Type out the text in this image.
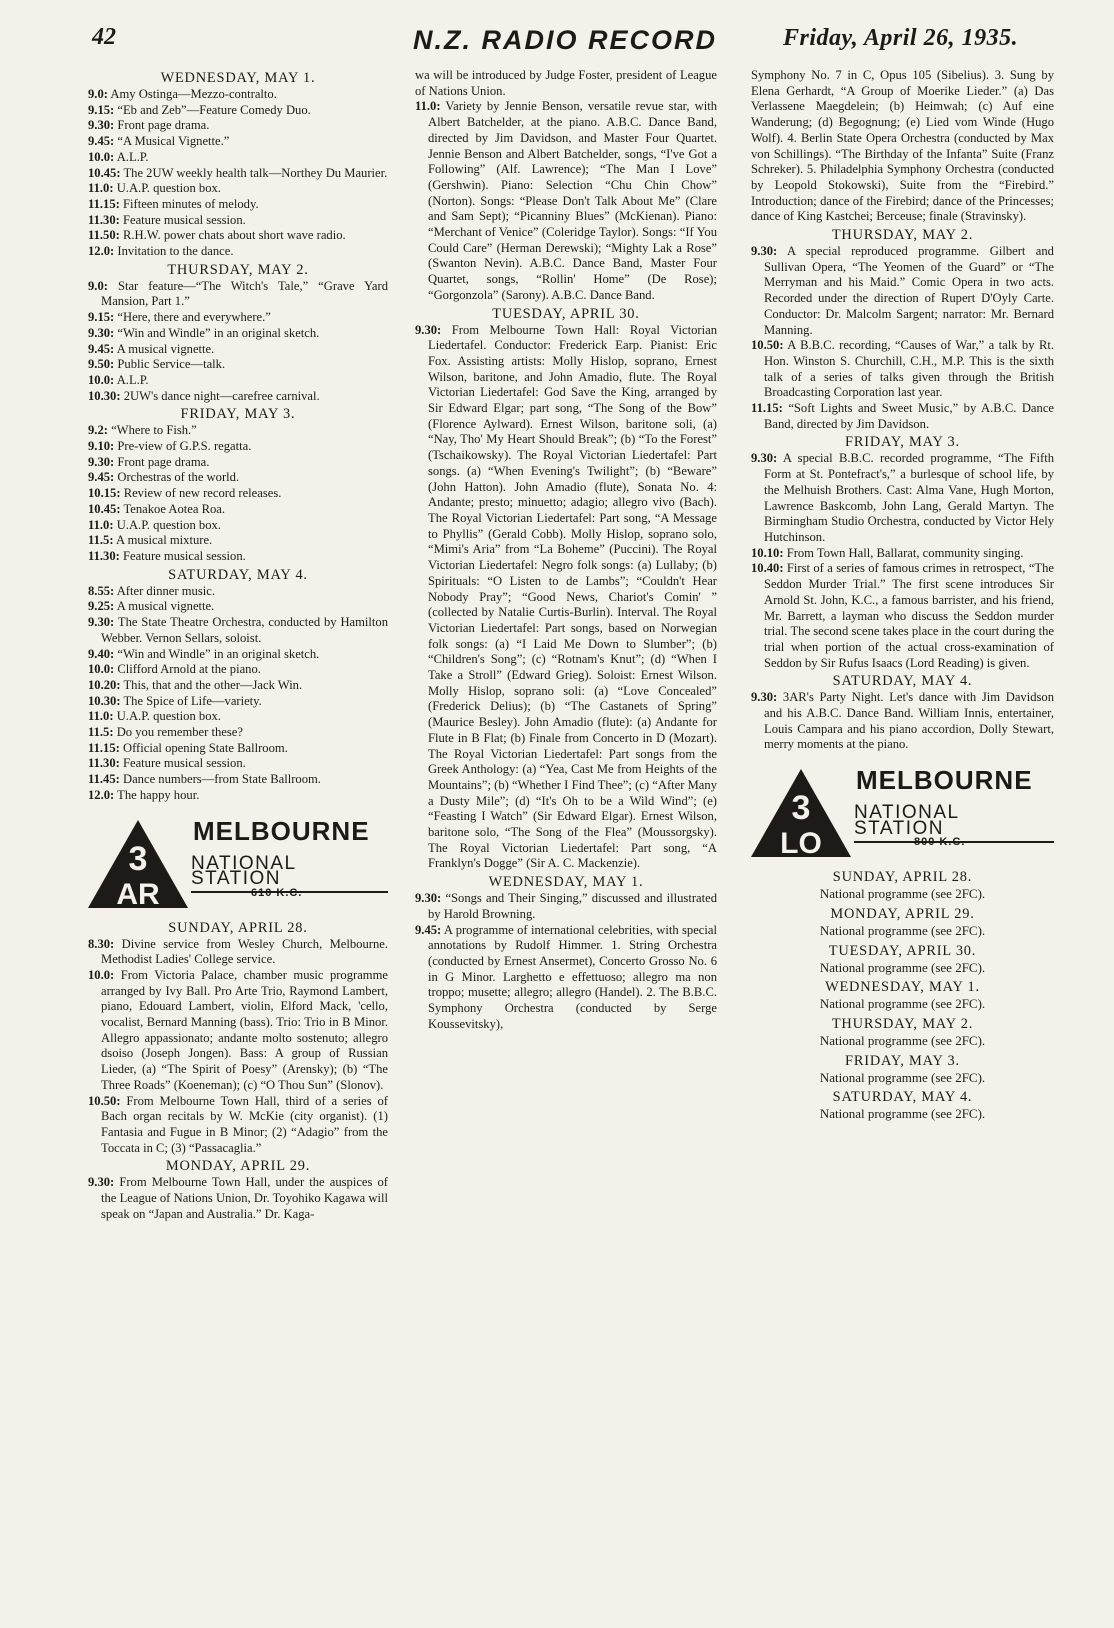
42	N.Z. RADIO RECORD	Friday, April 26, 1935.
WEDNESDAY, MAY 1.

9.0: Amy Ostinga—Mezzo-contralto.

9.15: “Eb and Zeb”—Feature Comedy Duo.

9.30: Front page drama.

9.45: “A Musical Vignette.”

10.0: A.L.P.

10.45: The 2UW weekly health talk—Northey Du Maurier.

11.0: U.A.P. question box.

11.15: Fifteen minutes of melody.

11.30: Feature musical session.

11.50: R.H.W. power chats about short wave radio.

12.0: Invitation to the dance.

THURSDAY, MAY 2.

9.0: Star feature—“The Witch's Tale,” “Grave Yard Mansion, Part 1.”

9.15: “Here, there and everywhere.”

9.30: “Win and Windle” in an original sketch.

9.45: A musical vignette.

9.50: Public Service—talk.

10.0: A.L.P.

10.30: 2UW's dance night—carefree carnival.

FRIDAY, MAY 3.

9.2: “Where to Fish.”

9.10: Pre-view of G.P.S. regatta.

9.30: Front page drama.

9.45: Orchestras of the world.

10.15: Review of new record releases.

10.45: Tenakoe Aotea Roa.

11.0: U.A.P. question box.

11.5: A musical mixture.

11.30: Feature musical session.

SATURDAY, MAY 4.

8.55: After dinner music.

9.25: A musical vignette.

9.30: The State Theatre Orchestra, conducted by Hamilton Webber. Vernon Sellars, soloist.

9.40: “Win and Windle” in an original sketch.

10.0: Clifford Arnold at the piano.

10.20: This, that and the other—Jack Win.

10.30: The Spice of Life—variety.

11.0: U.A.P. question box.

11.5: Do you remember these?

11.15: Official opening State Ballroom.

11.30: Feature musical session.

11.45: Dance numbers—from State Ballroom.

12.0: The happy hour.

3
AR
MELBOURNE
NATIONAL STATION
610 K.C.
SUNDAY, APRIL 28.

8.30: Divine service from Wesley Church, Melbourne. Methodist Ladies' College service.

10.0: From Victoria Palace, chamber music programme arranged by Ivy Ball. Pro Arte Trio, Raymond Lambert, piano, Edouard Lambert, violin, Elford Mack, 'cello, vocalist, Bernard Manning (bass). Trio: Trio in B Minor. Allegro appassionato; andante molto sostenuto; allegro dsoiso (Joseph Jongen). Bass: A group of Russian Lieder, (a) “The Spirit of Poesy” (Arensky); (b) “The Three Roads” (Koeneman); (c) “O Thou Sun” (Slonov).

10.50: From Melbourne Town Hall, third of a series of Bach organ recitals by W. McKie (city organist). (1) Fantasia and Fugue in B Minor; (2) “Adagio” from the Toccata in C; (3) “Passacaglia.”

MONDAY, APRIL 29.

9.30: From Melbourne Town Hall, under the auspices of the League of Nations Union, Dr. Toyohiko Kagawa will speak on “Japan and Australia.” Dr. Kaga-

wa will be introduced by Judge Foster, president of League of Nations Union.

11.0: Variety by Jennie Benson, versatile revue star, with Albert Batchelder, at the piano. A.B.C. Dance Band, directed by Jim Davidson, and Master Four Quartet. Jennie Benson and Albert Batchelder, songs, “I've Got a Following” (Alf. Lawrence); “The Man I Love” (Gershwin). Piano: Selection “Chu Chin Chow” (Norton). Songs: “Please Don't Talk About Me” (Clare and Sam Sept); “Picanniny Blues” (McKienan). Piano: “Merchant of Venice” (Coleridge Taylor). Songs: “If You Could Care” (Herman Derewski); “Mighty Lak a Rose” (Swanton Nevin). A.B.C. Dance Band, Master Four Quartet, songs, “Rollin' Home” (De Rose); “Gorgonzola” (Sarony). A.B.C. Dance Band.

TUESDAY, APRIL 30.

9.30: From Melbourne Town Hall: Royal Victorian Liedertafel. Conductor: Frederick Earp. Pianist: Eric Fox. Assisting artists: Molly Hislop, soprano, Ernest Wilson, baritone, and John Amadio, flute. The Royal Victorian Liedertafel: God Save the King, arranged by Sir Edward Elgar; part song, “The Song of the Bow” (Florence Aylward). Ernest Wilson, baritone soli, (a) “Nay, Tho' My Heart Should Break”; (b) “To the Forest” (Tschaikowsky). The Royal Victorian Liedertafel: Part songs. (a) “When Evening's Twilight”; (b) “Beware” (John Hatton). John Amadio (flute), Sonata No. 4: Andante; presto; minuetto; adagio; allegro vivo (Bach). The Royal Victorian Liedertafel: Part song, “A Message to Phyllis” (Gerald Cobb). Molly Hislop, soprano solo, “Mimi's Aria” from “La Boheme” (Puccini). The Royal Victorian Liedertafel: Negro folk songs: (a) Lullaby; (b) Spirituals: “O Listen to de Lambs”; “Couldn't Hear Nobody Pray”; “Good News, Chariot's Comin' ” (collected by Natalie Curtis-Burlin). Interval. The Royal Victorian Liedertafel: Part songs, based on Norwegian folk songs: (a) “I Laid Me Down to Slumber”; (b) “Children's Song”; (c) “Rotnam's Knut”; (d) “When I Take a Stroll” (Edward Grieg). Soloist: Ernest Wilson. Molly Hislop, soprano soli: (a) “Love Concealed” (Frederick Delius); (b) “The Castanets of Spring” (Maurice Besley). John Amadio (flute): (a) Andante for Flute in B Flat; (b) Finale from Concerto in D (Mozart). The Royal Victorian Liedertafel: Part songs from the Greek Anthology: (a) “Yea, Cast Me from Heights of the Mountains”; (b) “Whether I Find Thee”; (c) “After Many a Dusty Mile”; (d) “It's Oh to be a Wild Wind”; (e) “Feasting I Watch” (Sir Edward Elgar). Ernest Wilson, baritone solo, “The Song of the Flea” (Moussorgsky). The Royal Victorian Liedertafel: Part song, “A Franklyn's Dogge” (Sir A. C. Mackenzie).

WEDNESDAY, MAY 1.

9.30: “Songs and Their Singing,” discussed and illustrated by Harold Browning.

9.45: A programme of international celebrities, with special annotations by Rudolf Himmer. 1. String Orchestra (conducted by Ernest Ansermet), Concerto Grosso No. 6 in G Minor. Larghetto e effettuoso; allegro ma non troppo; musette; allegro; allegro (Handel). 2. The B.B.C. Symphony Orchestra (conducted by Serge Koussevitsky),

Symphony No. 7 in C, Opus 105 (Sibelius). 3. Sung by Elena Gerhardt, “A Group of Moerike Lieder.” (a) Das Verlassene Maegdelein; (b) Heimwah; (c) Auf eine Wanderung; (d) Begognung; (e) Lied vom Winde (Hugo Wolf). 4. Berlin State Opera Orchestra (conducted by Max von Schillings). “The Birthday of the Infanta” Suite (Franz Schreker). 5. Philadelphia Symphony Orchestra (conducted by Leopold Stokowski), Suite from the “Firebird.” Introduction; dance of the Firebird; dance of the Princesses; dance of King Kastchei; Berceuse; finale (Stravinsky).

THURSDAY, MAY 2.

9.30: A special reproduced programme. Gilbert and Sullivan Opera, “The Yeomen of the Guard” or “The Merryman and his Maid.” Comic Opera in two acts. Recorded under the direction of Rupert D'Oyly Carte. Conductor: Dr. Malcolm Sargent; narrator: Mr. Bernard Manning.

10.50: A B.B.C. recording, “Causes of War,” a talk by Rt. Hon. Winston S. Churchill, C.H., M.P. This is the sixth talk of a series of talks given through the British Broadcasting Corporation last year.

11.15: “Soft Lights and Sweet Music,” by A.B.C. Dance Band, directed by Jim Davidson.

FRIDAY, MAY 3.

9.30: A special B.B.C. recorded programme, “The Fifth Form at St. Pontefract's,” a burlesque of school life, by the Melhuish Brothers. Cast: Alma Vane, Hugh Morton, Lawrence Baskcomb, John Lang, Gerald Martyn. The Birmingham Studio Orchestra, conducted by Victor Hely Hutchinson.

10.10: From Town Hall, Ballarat, community singing.

10.40: First of a series of famous crimes in retrospect, “The Seddon Murder Trial.” The first scene introduces Sir Arnold St. John, K.C., a famous barrister, and his friend, Mr. Barrett, a layman who discuss the Seddon murder trial. The second scene takes place in the court during the trial when portion of the actual cross-examination of Seddon by Sir Rufus Isaacs (Lord Reading) is given.

SATURDAY, MAY 4.

9.30: 3AR's Party Night. Let's dance with Jim Davidson and his A.B.C. Dance Band. William Innis, entertainer, Louis Campara and his piano accordion, Dolly Stewart, merry moments at the piano.

3
LO
MELBOURNE
NATIONAL STATION
800 K.C.
SUNDAY, APRIL 28.

National programme (see 2FC).

MONDAY, APRIL 29.

National programme (see 2FC).

TUESDAY, APRIL 30.

National programme (see 2FC).

WEDNESDAY, MAY 1.

National programme (see 2FC).

THURSDAY, MAY 2.

National programme (see 2FC).

FRIDAY, MAY 3.

National programme (see 2FC).

SATURDAY, MAY 4.

National programme (see 2FC).
